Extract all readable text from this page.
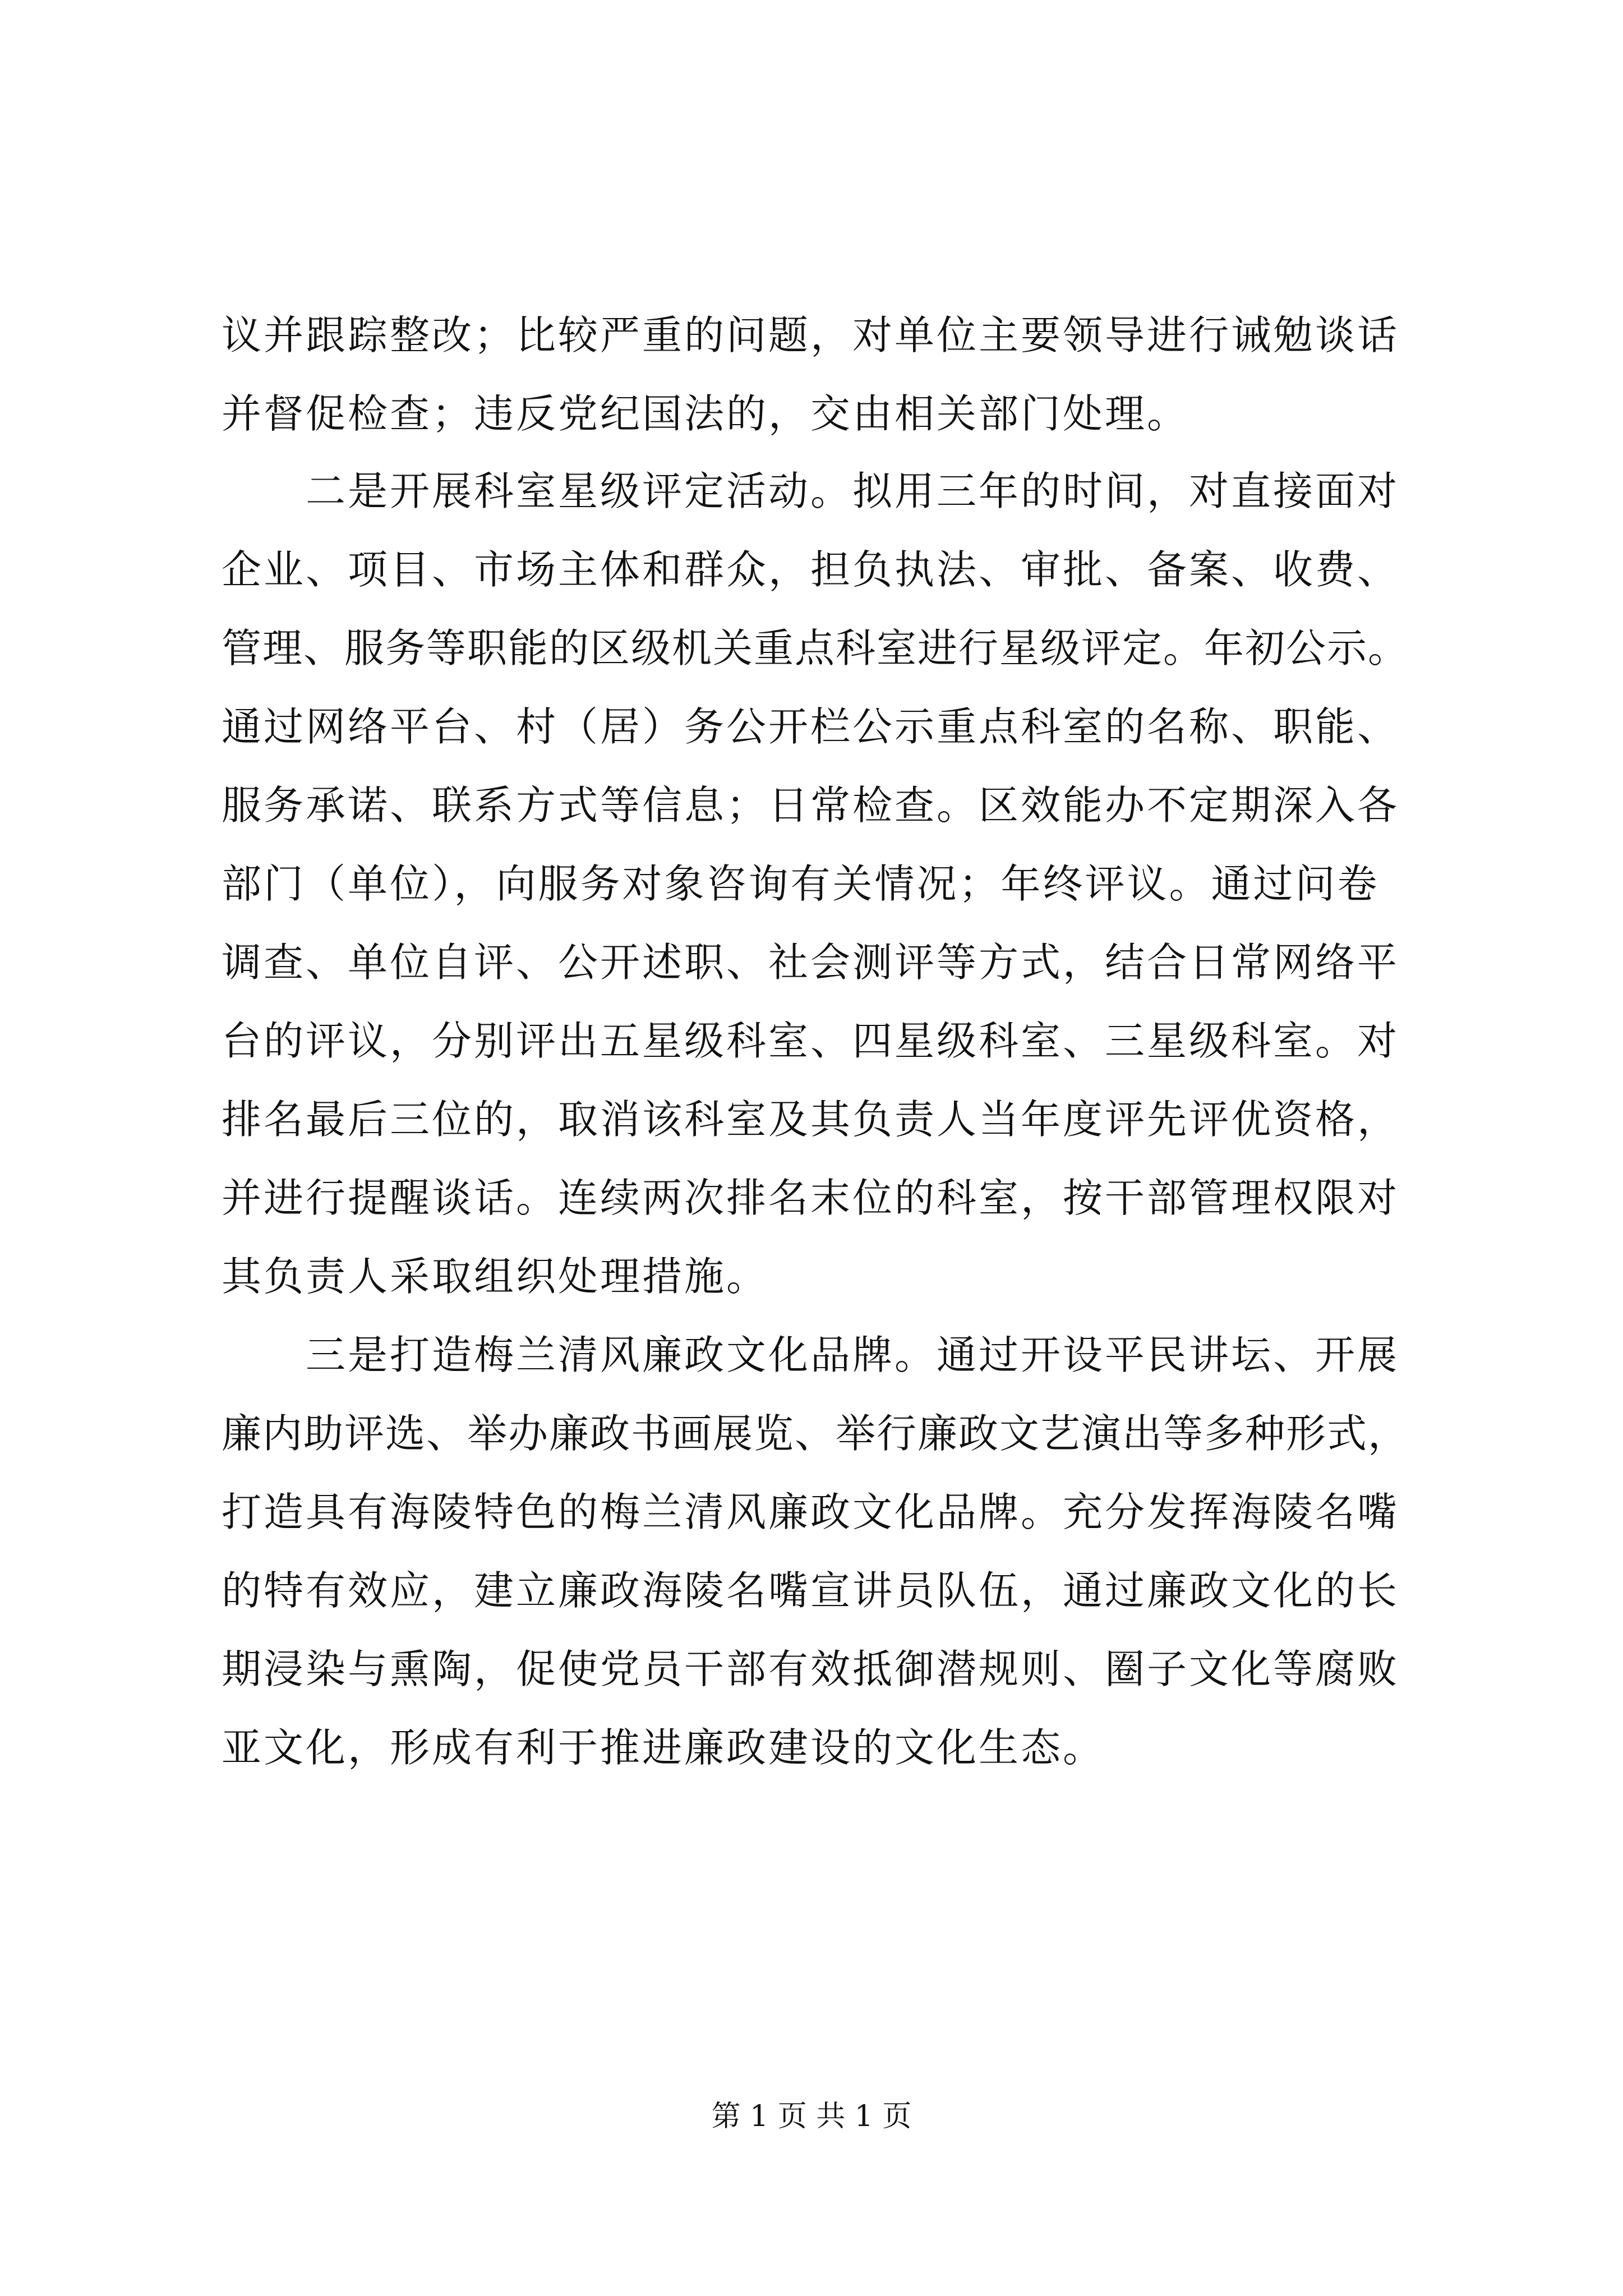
议并跟踪整改；比较严重的问题，对单位主要领导进行诫勉谈话
并督促检查；违反党纪国法的，交由相关部门处理。
二是开展科室星级评定活动。拟用三年的时间，对直接面对
企业、项目、市场主体和群众，担负执法、审批、备案、收费、
管理、服务等职能的区级机关重点科室进行星级评定。年初公示。
通过网络平台、村（居）务公开栏公示重点科室的名称、职能、
服务承诺、联系方式等信息；日常检查。区效能办不定期深入各
部门（单位），向服务对象咨询有关情况；年终评议。通过问卷
调查、单位自评、公开述职、社会测评等方式，结合日常网络平
台的评议，分别评出五星级科室、四星级科室、三星级科室。对
排名最后三位的，取消该科室及其负责人当年度评先评优资格，
并进行提醒谈话。连续两次排名末位的科室，按干部管理权限对
其负责人采取组织处理措施。
三是打造梅兰清风廉政文化品牌。通过开设平民讲坛、开展
廉内助评选、举办廉政书画展览、举行廉政文艺演出等多种形式，
打造具有海陵特色的梅兰清风廉政文化品牌。充分发挥海陵名嘴
的特有效应，建立廉政海陵名嘴宣讲员队伍，通过廉政文化的长
期浸染与熏陶，促使党员干部有效抵御潜规则、圈子文化等腐败
亚文化，形成有利于推进廉政建设的文化生态。
第 1 页 共 1 页
